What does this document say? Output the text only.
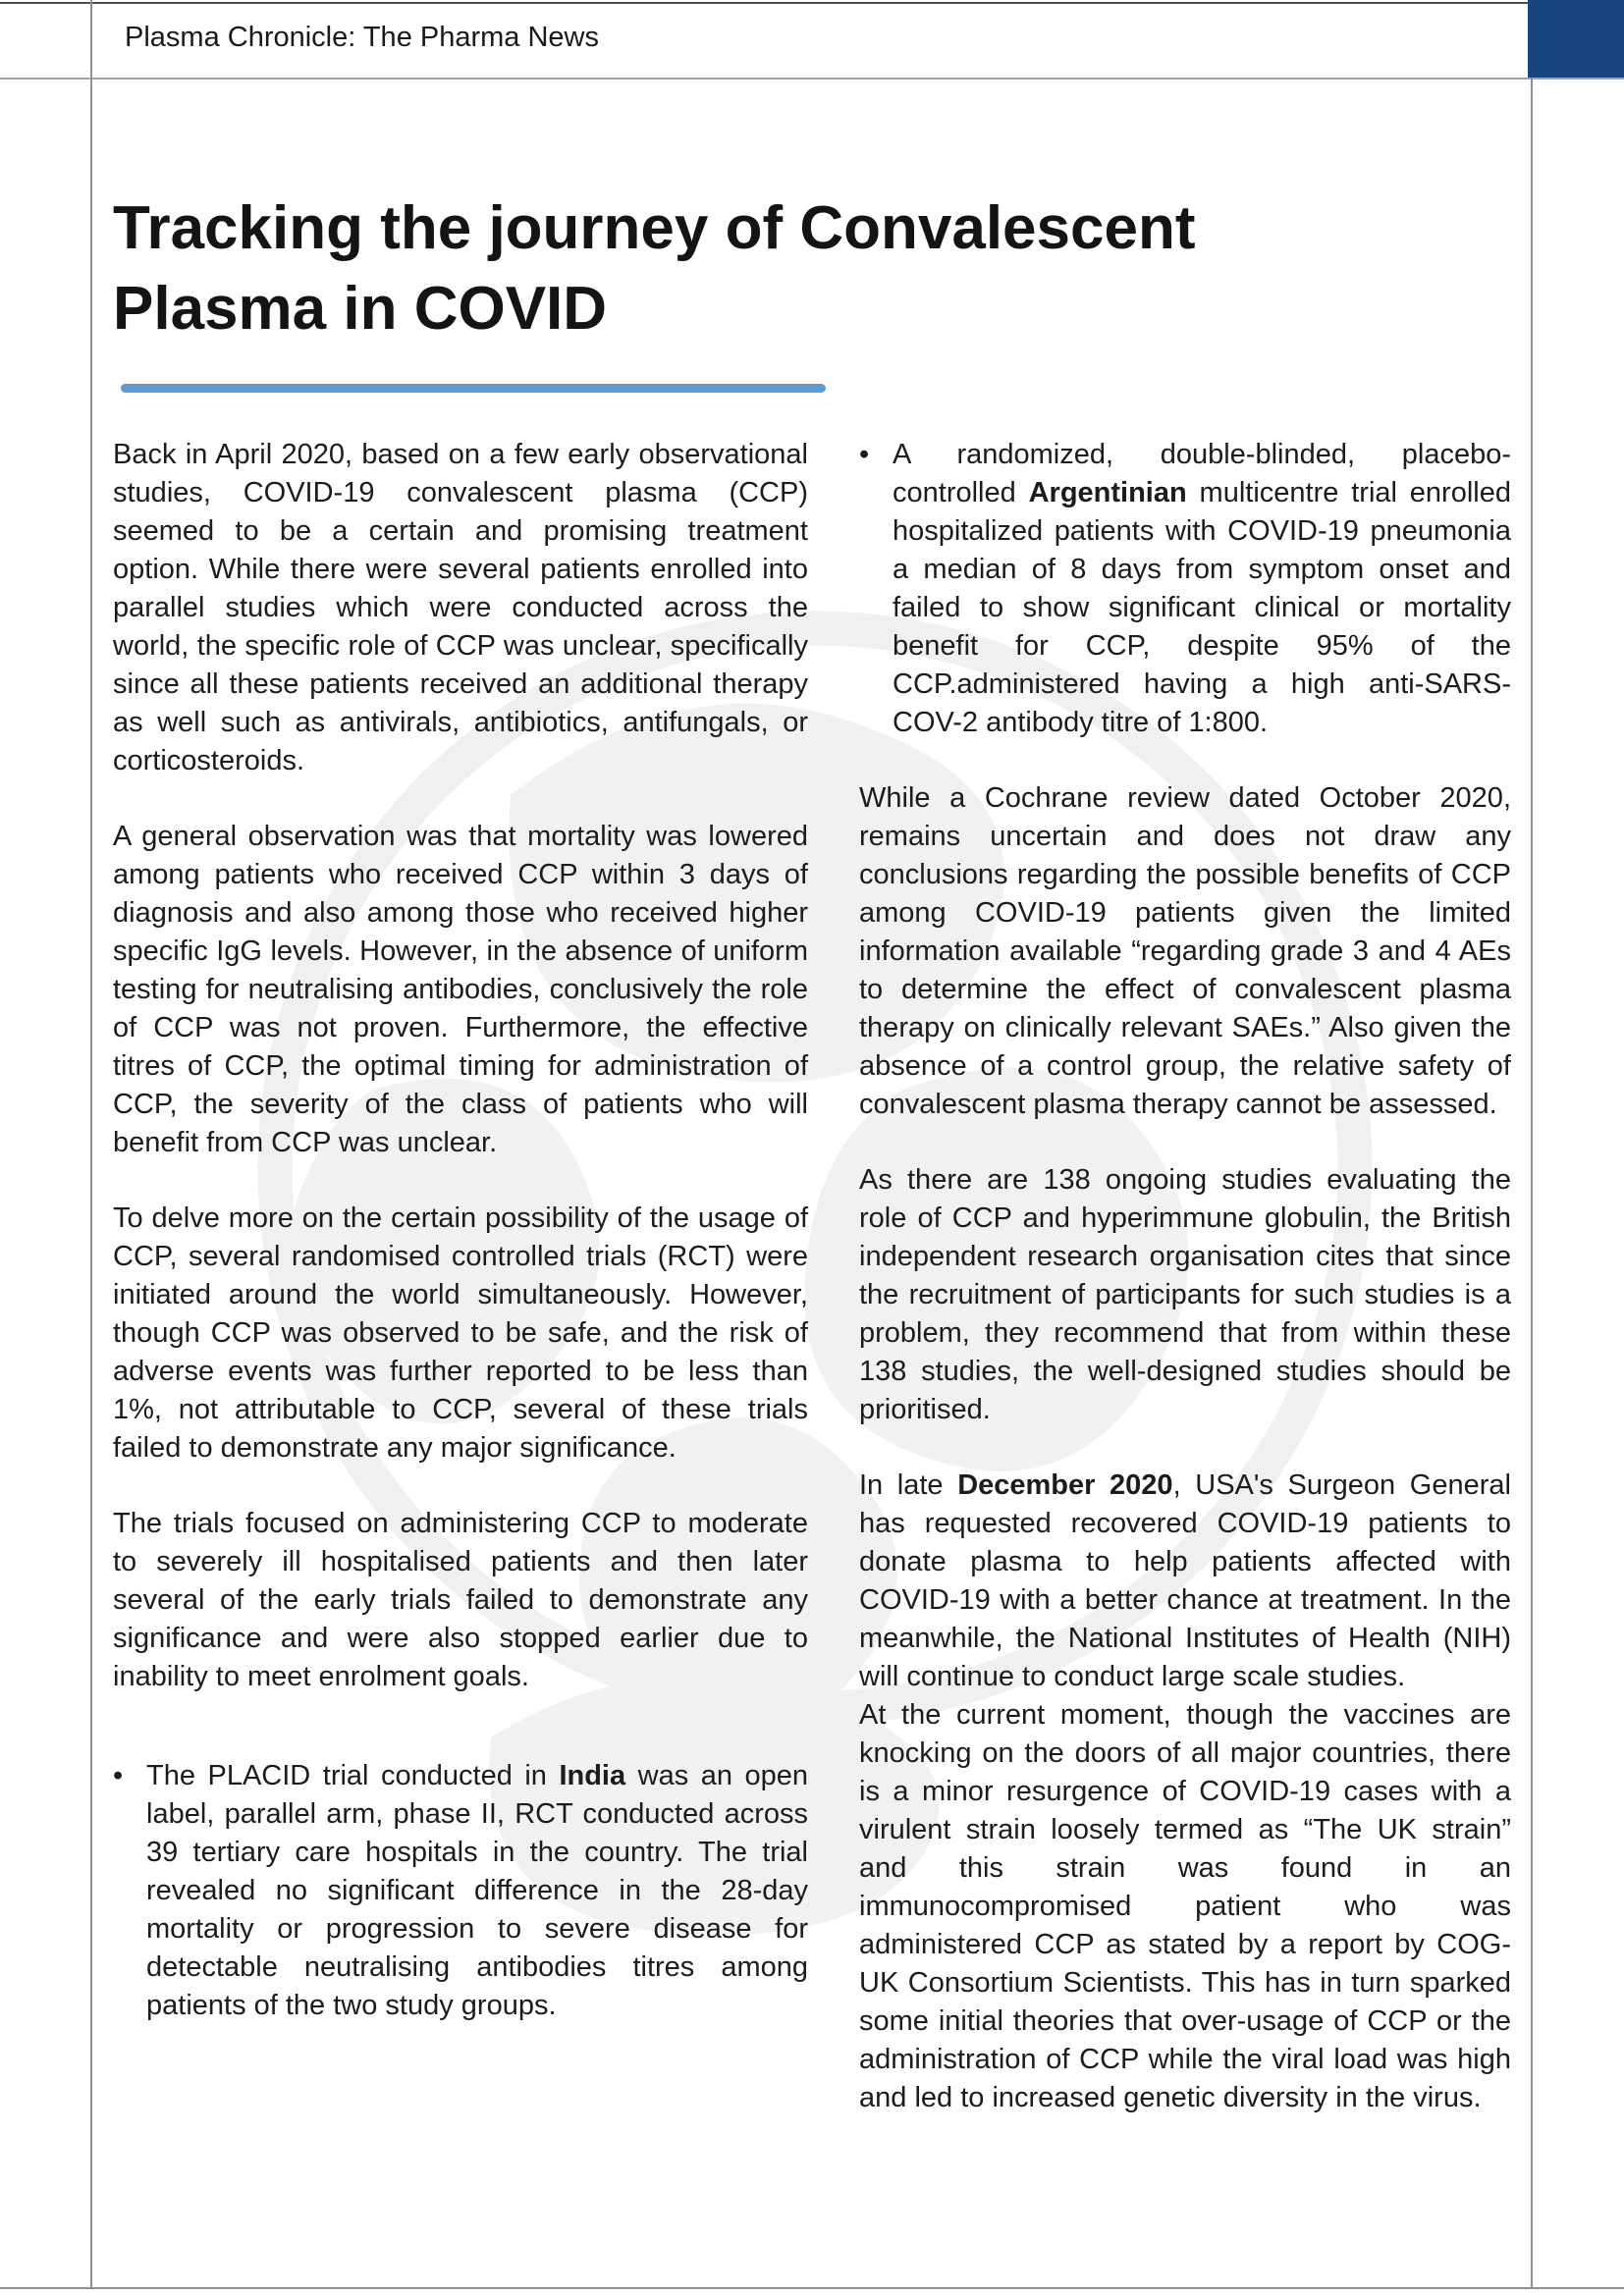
Plasma Chronicle: The Pharma News
Tracking the journey of Convalescent Plasma in COVID

Back in April 2020, based on a few early observational studies, COVID-19 convalescent plasma (CCP) seemed to be a certain and promising treatment option. While there were several patients enrolled into parallel studies which were conducted across the world, the specific role of CCP was unclear, specifically since all these patients received an additional therapy as well such as antivirals, antibiotics, antifungals, or corticosteroids.

A general observation was that mortality was lowered among patients who received CCP within 3 days of diagnosis and also among those who received higher specific IgG levels. However, in the absence of uniform testing for neutralising antibodies, conclusively the role of CCP was not proven. Furthermore, the effective titres of CCP, the optimal timing for administration of CCP, the severity of the class of patients who will benefit from CCP was unclear.

To delve more on the certain possibility of the usage of CCP, several randomised controlled trials (RCT) were initiated around the world simultaneously. However, though CCP was observed to be safe, and the risk of adverse events was further reported to be less than 1%, not attributable to CCP, several of these trials failed to demonstrate any major significance.

The trials focused on administering CCP to moderate to severely ill hospitalised patients and then later several of the early trials failed to demonstrate any significance and were also stopped earlier due to inability to meet enrolment goals.

•

The PLACID trial conducted in India was an open label, parallel arm, phase II, RCT conducted across 39 tertiary care hospitals in the country. The trial revealed no significant difference in the 28-day mortality or progression to severe disease for detectable neutralising antibodies titres among patients of the two study groups.

•

A randomized, double-blinded, placebo-controlled Argentinian multicentre trial enrolled hospitalized patients with COVID-19 pneumonia a median of 8 days from symptom onset and failed to show significant clinical or mortality benefit for CCP, despite 95% of the CCP.administered having a high anti-SARS-COV-2 antibody titre of 1:800.

While a Cochrane review dated October 2020, remains uncertain and does not draw any conclusions regarding the possible benefits of CCP among COVID-19 patients given the limited information available “regarding grade 3 and 4 AEs to determine the effect of convalescent plasma therapy on clinically relevant SAEs.” Also given the absence of a control group, the relative safety of convalescent plasma therapy cannot be assessed.

As there are 138 ongoing studies evaluating the role of CCP and hyperimmune globulin, the British independent research organisation cites that since the recruitment of participants for such studies is a problem, they recommend that from within these 138 studies, the well-designed studies should be prioritised.

In late December 2020, USA's Surgeon General has requested recovered COVID-19 patients to donate plasma to help patients affected with COVID-19 with a better chance at treatment. In the meanwhile, the National Institutes of Health (NIH) will continue to conduct large scale studies.

At the current moment, though the vaccines are knocking on the doors of all major countries, there is a minor resurgence of COVID-19 cases with a virulent strain loosely termed as “The UK strain” and this strain was found in an immunocompromised patient who was administered CCP as stated by a report by COG-UK Consortium Scientists. This has in turn sparked some initial theories that over-usage of CCP or the administration of CCP while the viral load was high and led to increased genetic diversity in the virus.
